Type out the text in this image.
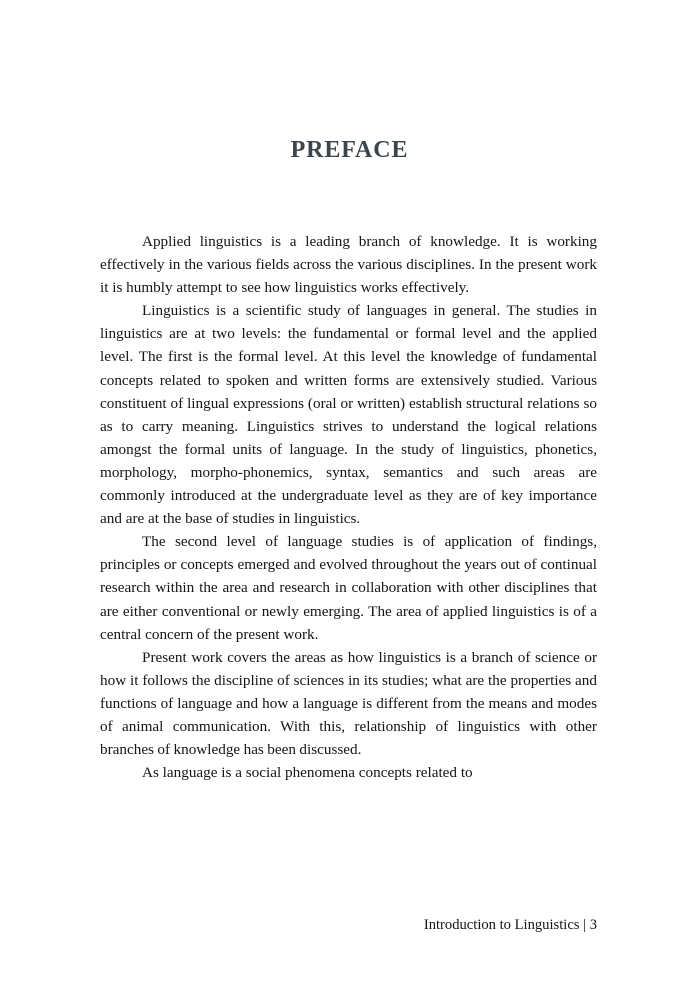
PREFACE

Applied linguistics is a leading branch of knowledge. It is working effectively in the various fields across the various disciplines. In the present work it is humbly attempt to see how linguistics works effectively.

Linguistics is a scientific study of languages in general. The studies in linguistics are at two levels: the fundamental or formal level and the applied level. The first is the formal level. At this level the knowledge of fundamental concepts related to spoken and written forms are extensively studied. Various constituent of lingual expressions (oral or written) establish structural relations so as to carry meaning. Linguistics strives to understand the logical relations amongst the formal units of language. In the study of linguistics, phonetics, morphology, morpho-phonemics, syntax, semantics and such areas are commonly introduced at the undergraduate level as they are of key importance and are at the base of studies in linguistics.

The second level of language studies is of application of findings, principles or concepts emerged and evolved throughout the years out of continual research within the area and research in collaboration with other disciplines that are either conventional or newly emerging. The area of applied linguistics is of a central concern of the present work.

Present work covers the areas as how linguistics is a branch of science or how it follows the discipline of sciences in its studies; what are the properties and functions of language and how a language is different from the means and modes of animal communication. With this, relationship of linguistics with other branches of knowledge has been discussed.

As language is a social phenomena concepts related to

Introduction to Linguistics | 3
